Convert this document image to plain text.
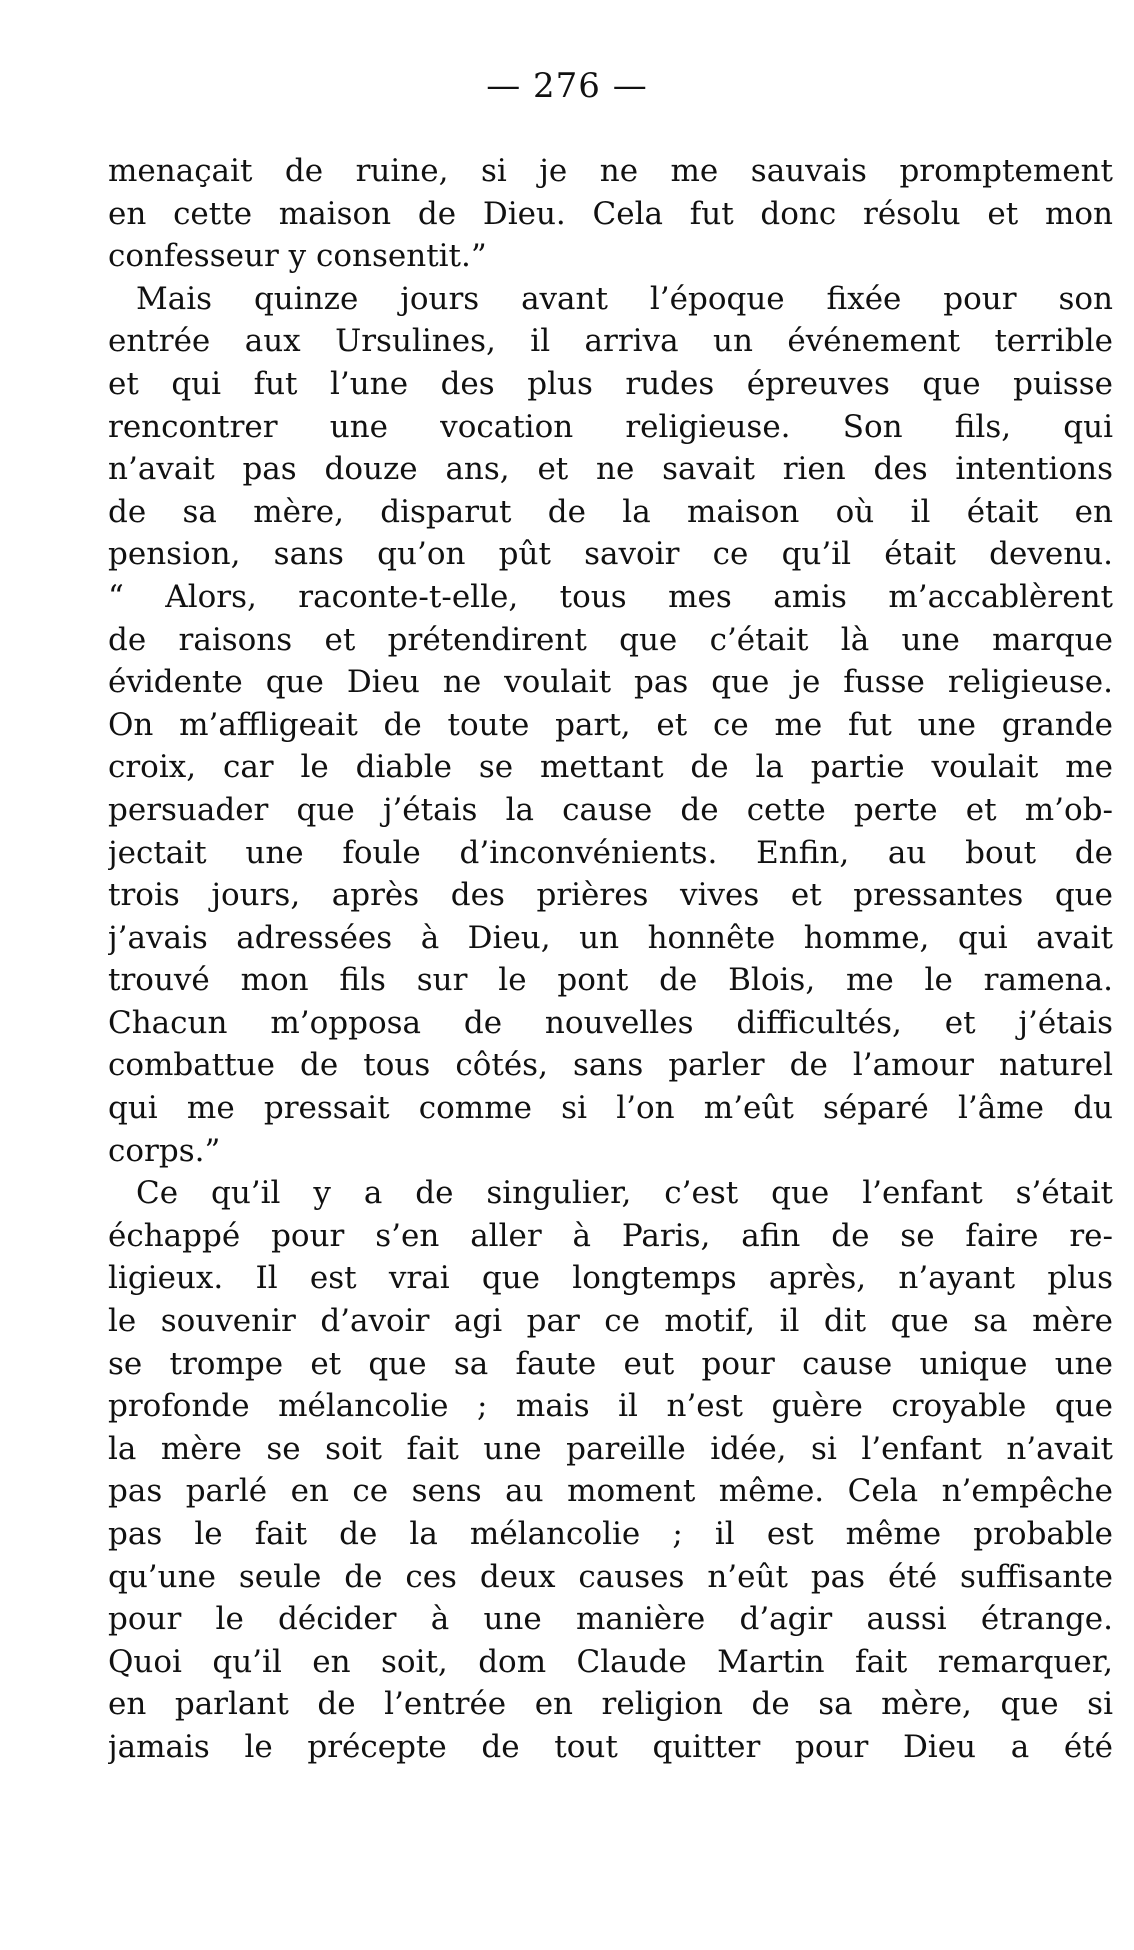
— 276 —
menaçait de ruine, si je ne me sauvais promptement
en cette maison de Dieu. Cela fut donc résolu et mon
confesseur y consentit.”
Mais quinze jours avant l’époque fixée pour son
entrée aux Ursulines, il arriva un événement terrible
et qui fut l’une des plus rudes épreuves que puisse
rencontrer une vocation religieuse. Son fils, qui
n’avait pas douze ans, et ne savait rien des intentions
de sa mère, disparut de la maison où il était en
pension, sans qu’on pût savoir ce qu’il était devenu.
“ Alors, raconte-t-elle, tous mes amis m’accablèrent
de raisons et prétendirent que c’était là une marque
évidente que Dieu ne voulait pas que je fusse religieuse.
On m’affligeait de toute part, et ce me fut une grande
croix, car le diable se mettant de la partie voulait me
persuader que j’étais la cause de cette perte et m’ob-
jectait une foule d’inconvénients. Enfin, au bout de
trois jours, après des prières vives et pressantes que
j’avais adressées à Dieu, un honnête homme, qui avait
trouvé mon fils sur le pont de Blois, me le ramena.
Chacun m’opposa de nouvelles difficultés, et j’étais
combattue de tous côtés, sans parler de l’amour naturel
qui me pressait comme si l’on m’eût séparé l’âme du
corps.”
Ce qu’il y a de singulier, c’est que l’enfant s’était
échappé pour s’en aller à Paris, afin de se faire re-
ligieux. Il est vrai que longtemps après, n’ayant plus
le souvenir d’avoir agi par ce motif, il dit que sa mère
se trompe et que sa faute eut pour cause unique une
profonde mélancolie ; mais il n’est guère croyable que
la mère se soit fait une pareille idée, si l’enfant n’avait
pas parlé en ce sens au moment même. Cela n’empêche
pas le fait de la mélancolie ; il est même probable
qu’une seule de ces deux causes n’eût pas été suffisante
pour le décider à une manière d’agir aussi étrange.
Quoi qu’il en soit, dom Claude Martin fait remarquer,
en parlant de l’entrée en religion de sa mère, que si
jamais le précepte de tout quitter pour Dieu a été
